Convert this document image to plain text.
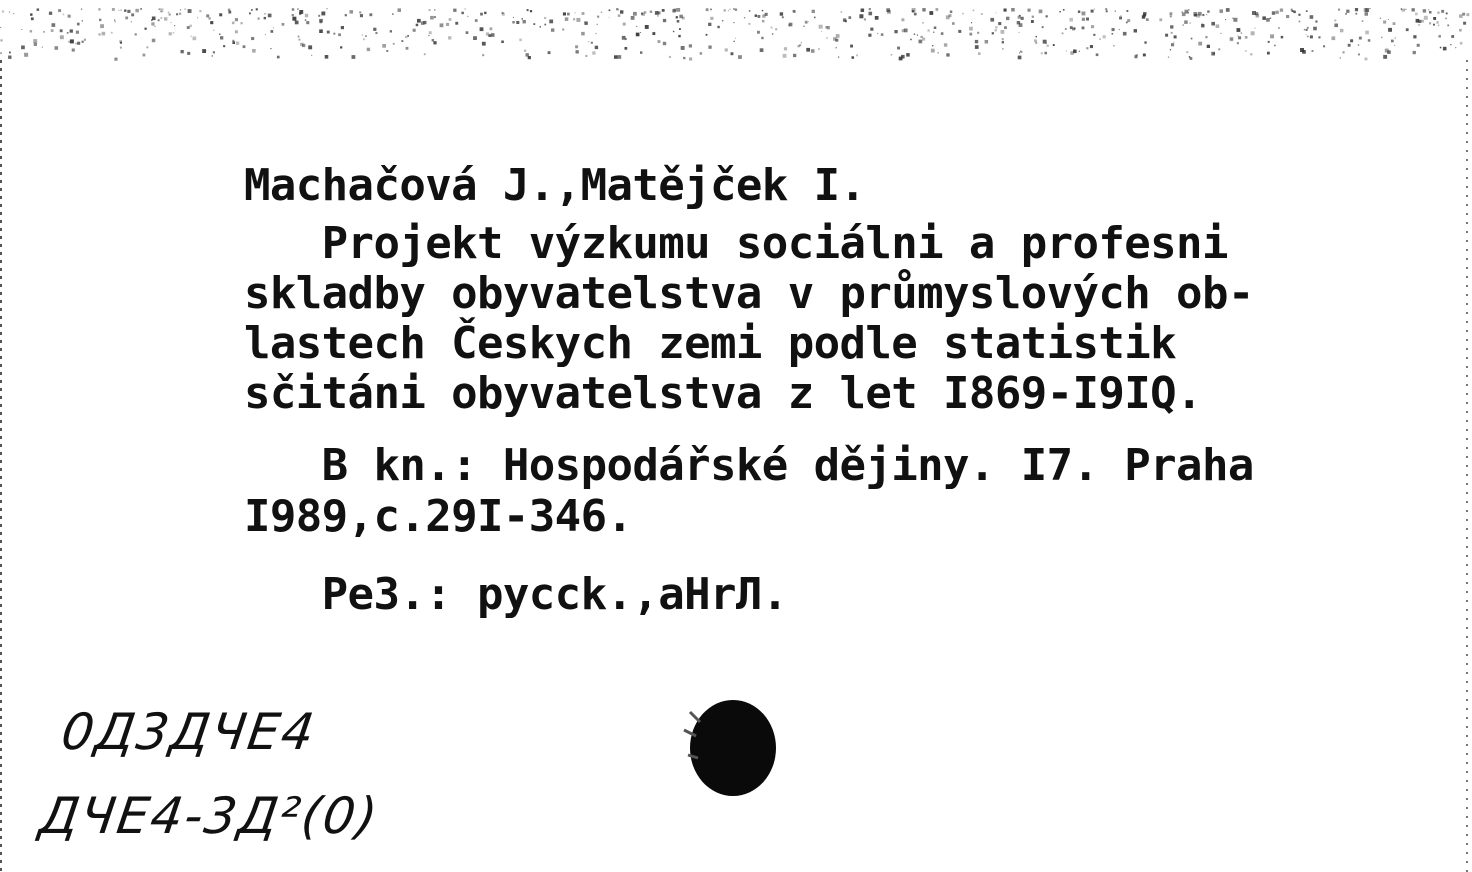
Machačová J.,Matějček I.

Projekt výzkumu sociálni a profesni

skladby obyvatelstva v průmyslových ob-

lastech Českych zemi podle statistik

sčitáni obyvatelstva z let I869-I9IQ.

B kn.: Hospodářské dějiny. I7. Praha

I989,c.29I-346.

Pe3.: pycck.,aHrЛ.

0Д3ДЧЕ4
ДЧЕ4-3Д²(0)
